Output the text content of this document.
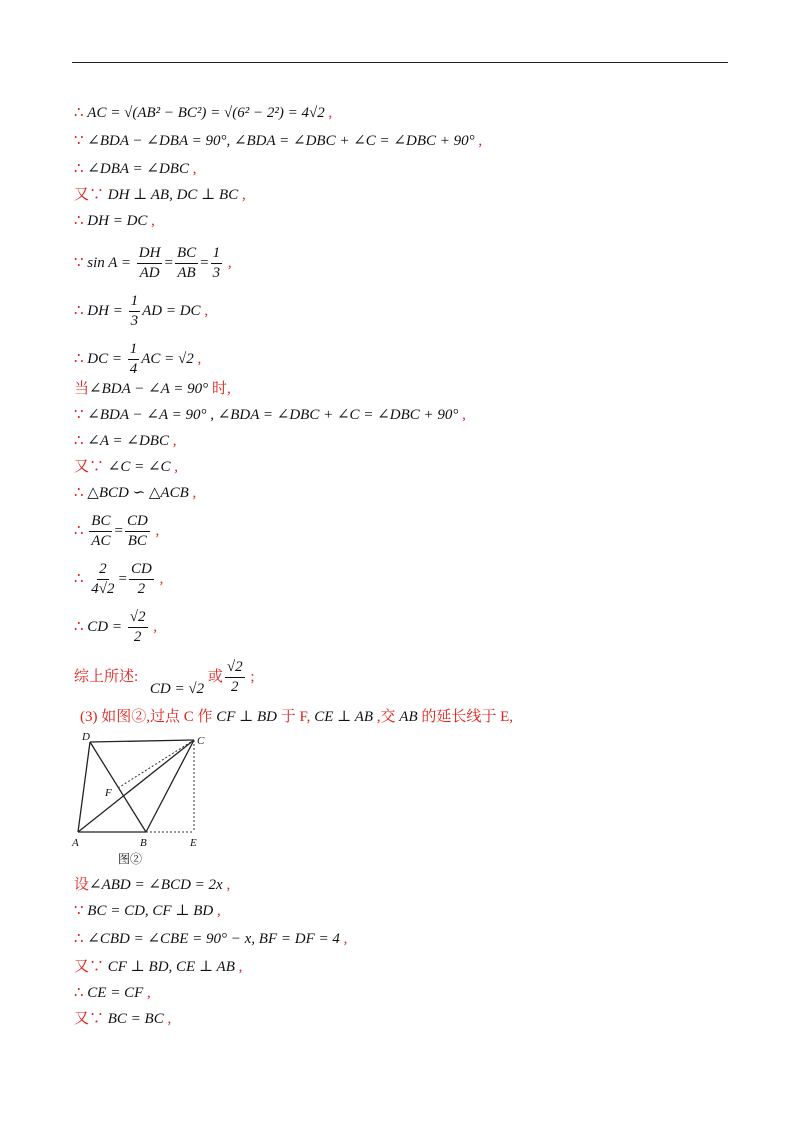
∴ AC = √(AB² − BC²) = √(6² − 2²) = 4√2 ,
∵ ∠BDA − ∠DBA = 90°, ∠BDA = ∠DBC + ∠C = ∠DBC + 90° ,
∴ ∠DBA = ∠DBC ,
又∵ DH ⊥ AB, DC ⊥ BC ,
∴ DH = DC ,
∵ $\sin A = \frac{DH}{AD} = \frac{BC}{AB} = \frac{1}{3}$ ,
∴ DH = $\frac{1}{3}$ AD = DC ,
∴ DC = $\frac{1}{4}$ AC = √2 ,
当∠BDA − ∠A = 90° 时,
∵ ∠BDA − ∠A = 90° , ∠BDA = ∠DBC + ∠C = ∠DBC + 90° ,
∴ ∠A = ∠DBC ,
又∵ ∠C = ∠C ,
∴ △BCD ∽ △ACB ,
∴ $\frac{BC}{AC} = \frac{CD}{BC}$ ,
∴ $\frac{2}{4√2} = \frac{CD}{2}$ ,
∴ CD = $\frac{√2}{2}$ ,
综上所述: CD = √2 或 $\frac{√2}{2}$ ;
(3) 如图②,过点 C 作 CF ⊥ BD 于 F, CE ⊥ AB ,交 AB 的延长线于 E,
D	C
F
A	B	E
图②
设∠ABD = ∠BCD = 2x ,
∵ BC = CD, CF ⊥ BD ,
∴ ∠CBD = ∠CBE = 90° − x, BF = DF = 4 ,
又∵ CF ⊥ BD, CE ⊥ AB ,
∴ CE = CF ,
又∵ BC = BC ,
